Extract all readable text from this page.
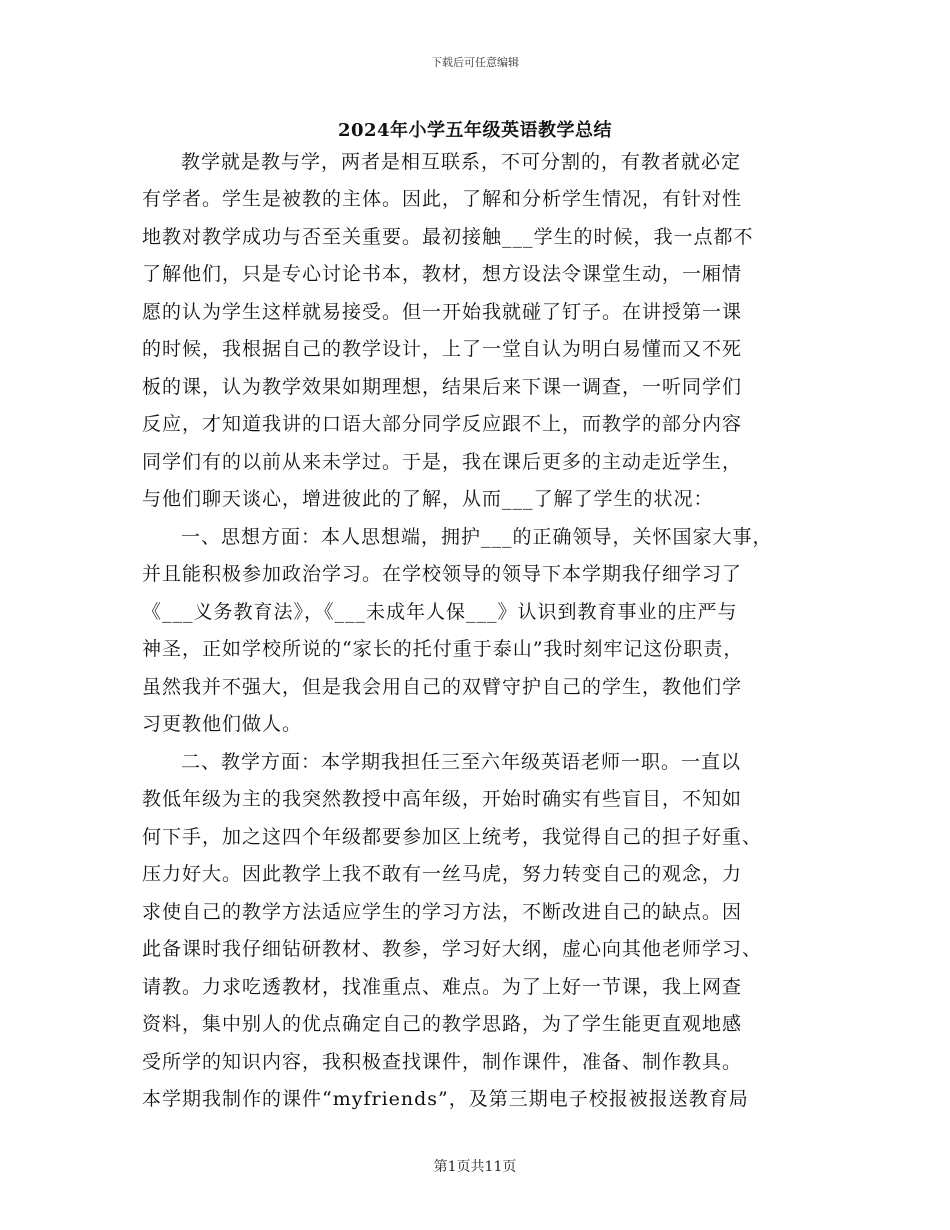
下载后可任意编辑
2024年小学五年级英语教学总结
教学就是教与学，两者是相互联系，不可分割的，有教者就必定
有学者。学生是被教的主体。因此，了解和分析学生情况，有针对性
地教对教学成功与否至关重要。最初接触___学生的时候，我一点都不
了解他们，只是专心讨论书本，教材，想方设法令课堂生动，一厢情
愿的认为学生这样就易接受。但一开始我就碰了钉子。在讲授第一课
的时候，我根据自己的教学设计，上了一堂自认为明白易懂而又不死
板的课，认为教学效果如期理想，结果后来下课一调查，一听同学们
反应，才知道我讲的口语大部分同学反应跟不上，而教学的部分内容
同学们有的以前从来未学过。于是，我在课后更多的主动走近学生，
与他们聊天谈心，增进彼此的了解，从而___了解了学生的状况：
一、思想方面：本人思想端，拥护___的正确领导，关怀国家大事，
并且能积极参加政治学习。在学校领导的领导下本学期我仔细学习了
《___义务教育法》，《___未成年人保___》认识到教育事业的庄严与
神圣，正如学校所说的“家长的托付重于泰山”我时刻牢记这份职责，
虽然我并不强大，但是我会用自己的双臂守护自己的学生，教他们学
习更教他们做人。
二、教学方面：本学期我担任三至六年级英语老师一职。一直以
教低年级为主的我突然教授中高年级，开始时确实有些盲目，不知如
何下手，加之这四个年级都要参加区上统考，我觉得自己的担子好重、
压力好大。因此教学上我不敢有一丝马虎，努力转变自己的观念，力
求使自己的教学方法适应学生的学习方法，不断改进自己的缺点。因
此备课时我仔细钻研教材、教参，学习好大纲，虚心向其他老师学习、
请教。力求吃透教材，找准重点、难点。为了上好一节课，我上网查
资料，集中别人的优点确定自己的教学思路，为了学生能更直观地感
受所学的知识内容，我积极查找课件，制作课件，准备、制作教具。
本学期我制作的课件“myfriends”，及第三期电子校报被报送教育局
第1页共11页
